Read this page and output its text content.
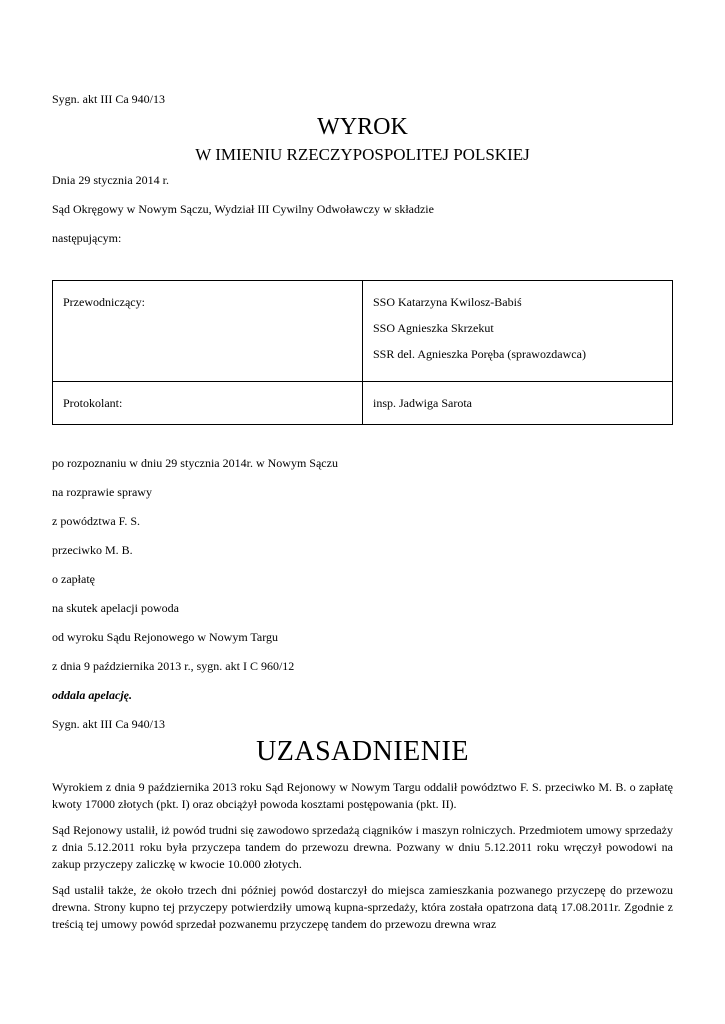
Sygn. akt III Ca 940/13
WYROK
W IMIENIU RZECZYPOSPOLITEJ POLSKIEJ
Dnia 29 stycznia 2014 r.
Sąd Okręgowy w Nowym Sączu, Wydział III Cywilny Odwoławczy w składzie
następującym:
Przewodniczący:	SSO Katarzyna Kwilosz-Babiś
SSO Agnieszka Skrzekut
SSR del. Agnieszka Poręba (sprawozdawca)

Protokolant:	insp. Jadwiga Sarota
po rozpoznaniu w dniu 29 stycznia 2014r. w Nowym Sączu
na rozprawie sprawy
z powództwa F. S.
przeciwko M. B.
o zapłatę
na skutek apelacji powoda
od wyroku Sądu Rejonowego w Nowym Targu
z dnia 9 października 2013 r., sygn. akt I C 960/12
oddala apelację.
Sygn. akt III Ca 940/13
UZASADNIENIE
Wyrokiem z dnia 9 października 2013 roku Sąd Rejonowy w Nowym Targu oddalił powództwo F. S. przeciwko M. B. o zapłatę kwoty 17000 złotych (pkt. I) oraz obciążył powoda kosztami postępowania (pkt. II).
Sąd Rejonowy ustalił, iż powód trudni się zawodowo sprzedażą ciągników i maszyn rolniczych. Przedmiotem umowy sprzedaży z dnia 5.12.2011 roku była przyczepa tandem do przewozu drewna. Pozwany w dniu 5.12.2011 roku wręczył powodowi na zakup przyczepy zaliczkę w kwocie 10.000 złotych.
Sąd ustalił także, że około trzech dni później powód dostarczył do miejsca zamieszkania pozwanego przyczepę do przewozu drewna. Strony kupno tej przyczepy potwierdziły umową kupna-sprzedaży, która została opatrzona datą 17.08.2011r. Zgodnie z treścią tej umowy powód sprzedał pozwanemu przyczepę tandem do przewozu drewna wraz
